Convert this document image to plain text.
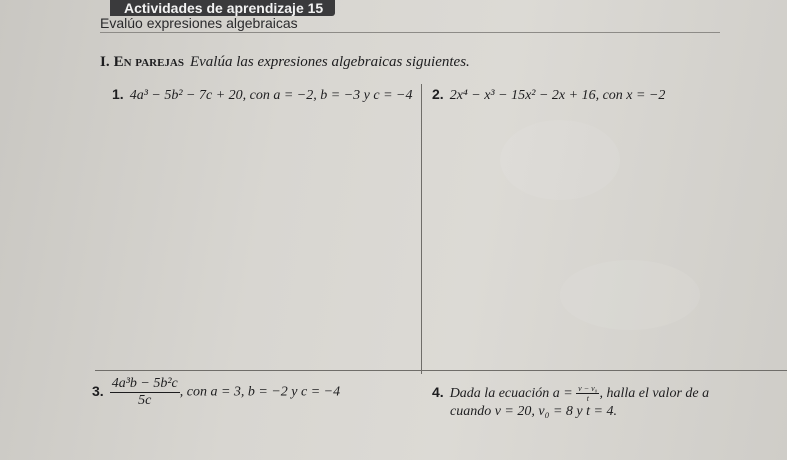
Actividades de aprendizaje 15
Evalúo expresiones algebraicas
I. En parejas Evalúa las expresiones algebraicas siguientes.
1. 4a³ − 5b² − 7c + 20, con a = −2, b = −3 y c = −4 2. 2x⁴ − x³ − 15x² − 2x + 16, con x = −2
3. $\frac{\text{4a³b − 5b²c}}{5c}$ , con a = 3, b = −2 y c = −4	4. Dada la ecuación $a = \frac{\text{v − v₀}}{t}$ , halla el valor de a
cuando v = 20, v₀ = 8 y t = 4.
